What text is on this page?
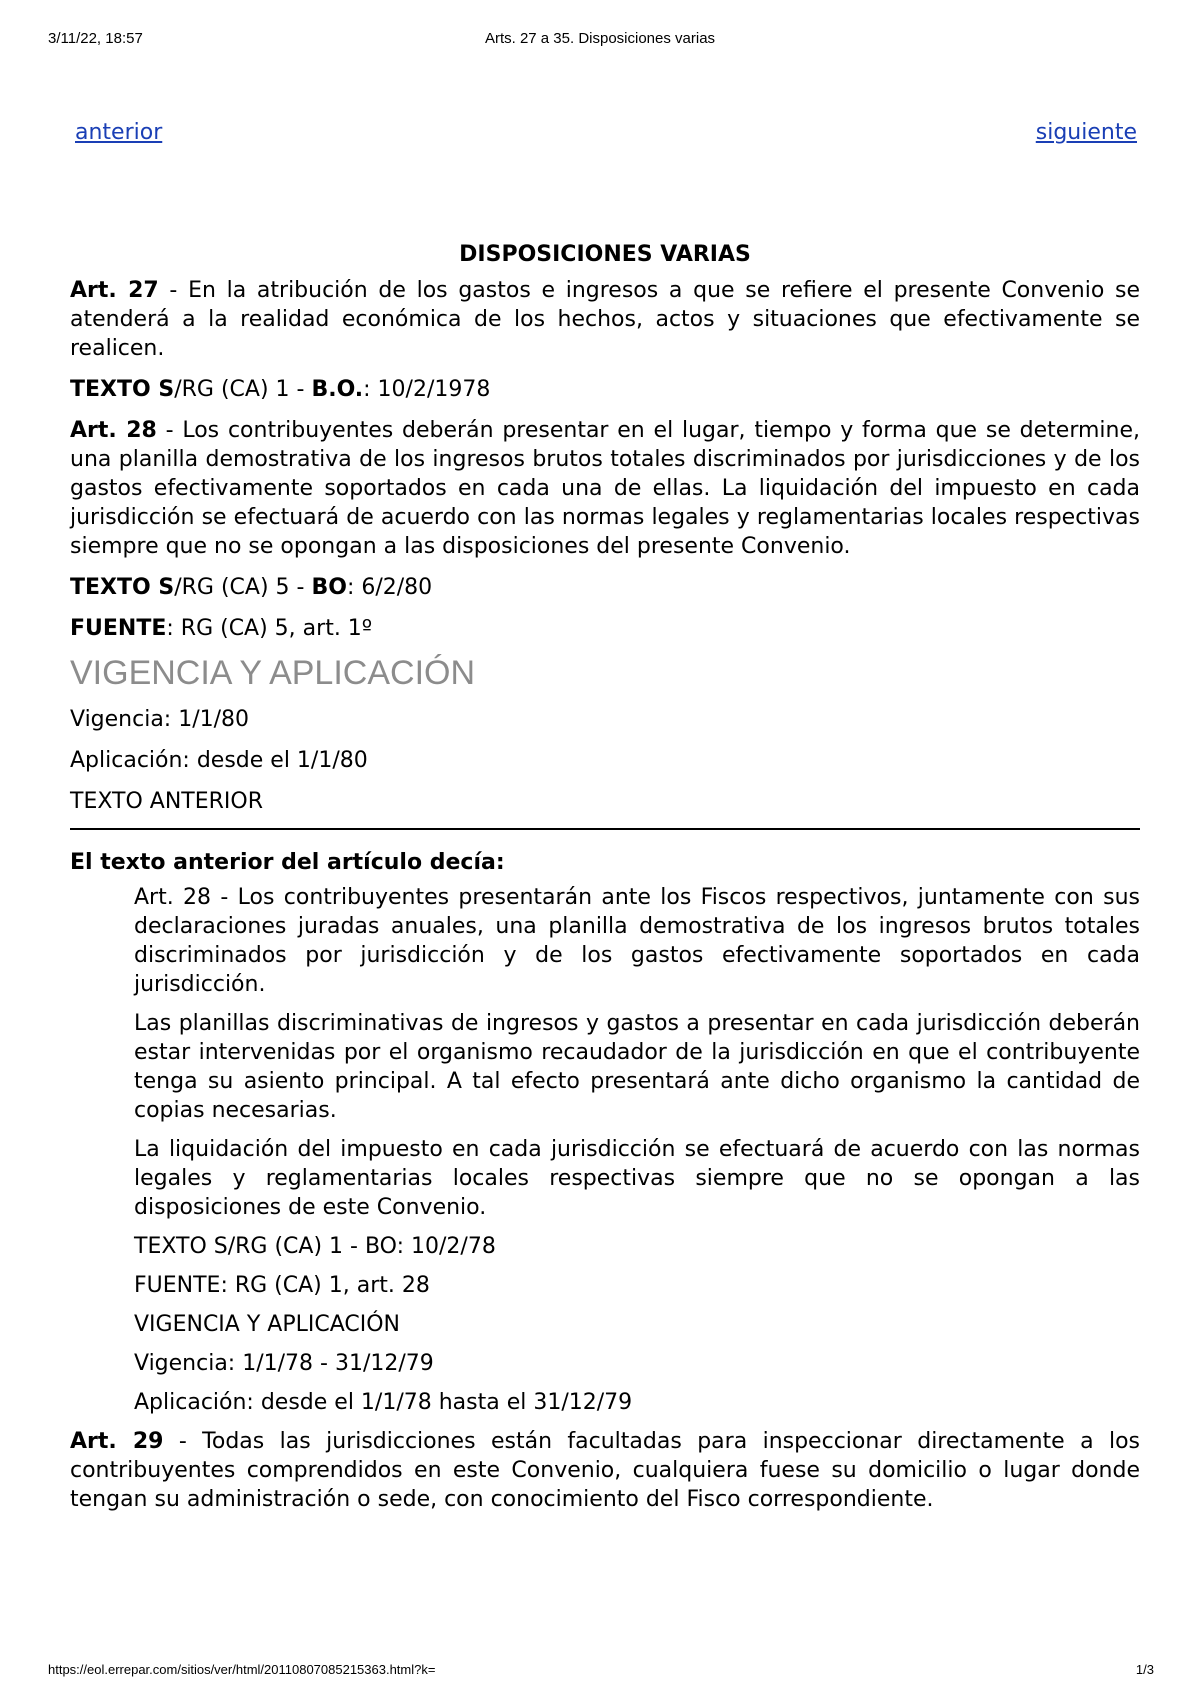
3/11/22, 18:57	Arts. 27 a 35. Disposiciones varias
anterior	siguiente
DISPOSICIONES VARIAS

Art. 27 - En la atribución de los gastos e ingresos a que se refiere el presente Convenio se atenderá a la realidad económica de los hechos, actos y situaciones que efectivamente se realicen.

TEXTO S/RG (CA) 1 - B.O.: 10/2/1978

Art. 28 - Los contribuyentes deberán presentar en el lugar, tiempo y forma que se determine, una planilla demostrativa de los ingresos brutos totales discriminados por jurisdicciones y de los gastos efectivamente soportados en cada una de ellas. La liquidación del impuesto en cada jurisdicción se efectuará de acuerdo con las normas legales y reglamentarias locales respectivas siempre que no se opongan a las disposiciones del presente Convenio.

TEXTO S/RG (CA) 5 - BO: 6/2/80

FUENTE: RG (CA) 5, art. 1º

VIGENCIA Y APLICACIÓN

Vigencia: 1/1/80

Aplicación: desde el 1/1/80

TEXTO ANTERIOR

El texto anterior del artículo decía:

Art. 28 - Los contribuyentes presentarán ante los Fiscos respectivos, juntamente con sus declaraciones juradas anuales, una planilla demostrativa de los ingresos brutos totales discriminados por jurisdicción y de los gastos efectivamente soportados en cada jurisdicción.

Las planillas discriminativas de ingresos y gastos a presentar en cada jurisdicción deberán estar intervenidas por el organismo recaudador de la jurisdicción en que el contribuyente tenga su asiento principal. A tal efecto presentará ante dicho organismo la cantidad de copias necesarias.

La liquidación del impuesto en cada jurisdicción se efectuará de acuerdo con las normas legales y reglamentarias locales respectivas siempre que no se opongan a las disposiciones de este Convenio.

TEXTO S/RG (CA) 1 - BO: 10/2/78

FUENTE: RG (CA) 1, art. 28

VIGENCIA Y APLICACIÓN

Vigencia: 1/1/78 - 31/12/79

Aplicación: desde el 1/1/78 hasta el 31/12/79

Art. 29 - Todas las jurisdicciones están facultadas para inspeccionar directamente a los contribuyentes comprendidos en este Convenio, cualquiera fuese su domicilio o lugar donde tengan su administración o sede, con conocimiento del Fisco correspondiente.

https://eol.errepar.com/sitios/ver/html/20110807085215363.html?k=	1/3
